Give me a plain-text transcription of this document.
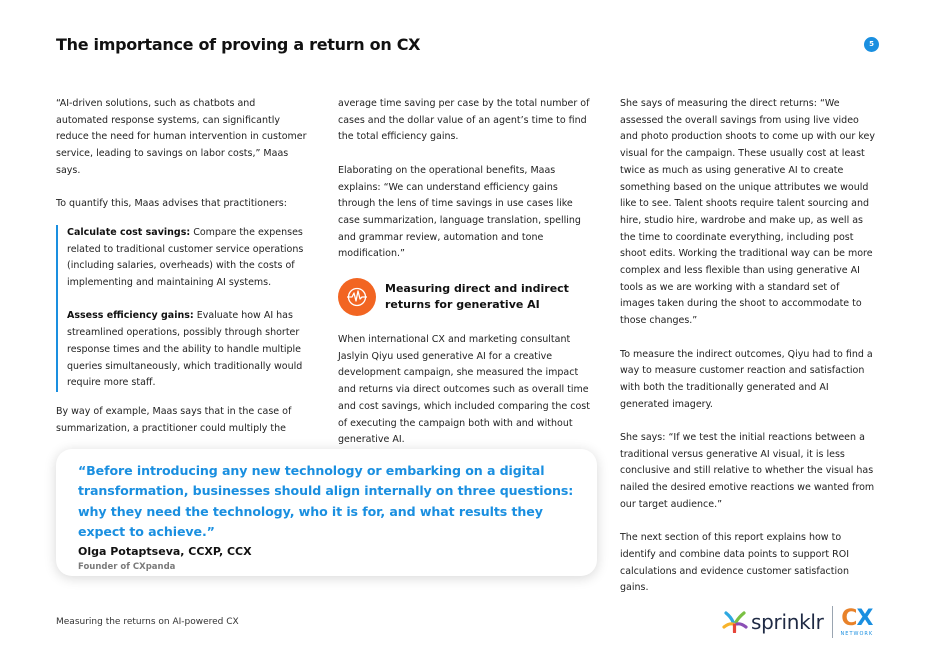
The importance of proving a return on CX	5

“AI-driven solutions, such as chatbots and automated response systems, can significantly reduce the need for human intervention in customer service, leading to savings on labor costs,” Maas says.

To quantify this, Maas advises that practitioners:

Calculate cost savings: Compare the expenses related to traditional customer service operations (including salaries, overheads) with the costs of implementing and maintaining AI systems.

Assess efficiency gains: Evaluate how AI has streamlined operations, possibly through shorter response times and the ability to handle multiple queries simultaneously, which traditionally would require more staff.

By way of example, Maas says that in the case of summarization, a practitioner could multiply the

average time saving per case by the total number of cases and the dollar value of an agent’s time to find the total efficiency gains.

Elaborating on the operational benefits, Maas explains: “We can understand efficiency gains through the lens of time savings in use cases like case summarization, language translation, spelling and grammar review, automation and tone modification.”

Measuring direct and indirect returns for generative AI

When international CX and marketing consultant Jaslyin Qiyu used generative AI for a creative development campaign, she measured the impact and returns via direct outcomes such as overall time and cost savings, which included comparing the cost of executing the campaign both with and without generative AI.

She says of measuring the direct returns: “We assessed the overall savings from using live video and photo production shoots to come up with our key visual for the campaign. These usually cost at least twice as much as using generative AI to create something based on the unique attributes we would like to see. Talent shoots require talent sourcing and hire, studio hire, wardrobe and make up, as well as the time to coordinate everything, including post shoot edits. Working the traditional way can be more complex and less flexible than using generative AI tools as we are working with a standard set of images taken during the shoot to accommodate to those changes.”

To measure the indirect outcomes, Qiyu had to find a way to measure customer reaction and satisfaction with both the traditionally generated and AI generated imagery.

She says: “If we test the initial reactions between a traditional versus generative AI visual, it is less conclusive and still relative to whether the visual has nailed the desired emotive reactions we wanted from our target audience.”

The next section of this report explains how to identify and combine data points to support ROI calculations and evidence customer satisfaction gains.

“Before introducing any new technology or embarking on a digital transformation, businesses should align internally on three questions: why they need the technology, who it is for, and what results they expect to achieve.”

Olga Potaptseva, CCXP, CCX

Founder of CXpanda

Measuring the returns on AI-powered CX	sprinklr CX
NETWORK
